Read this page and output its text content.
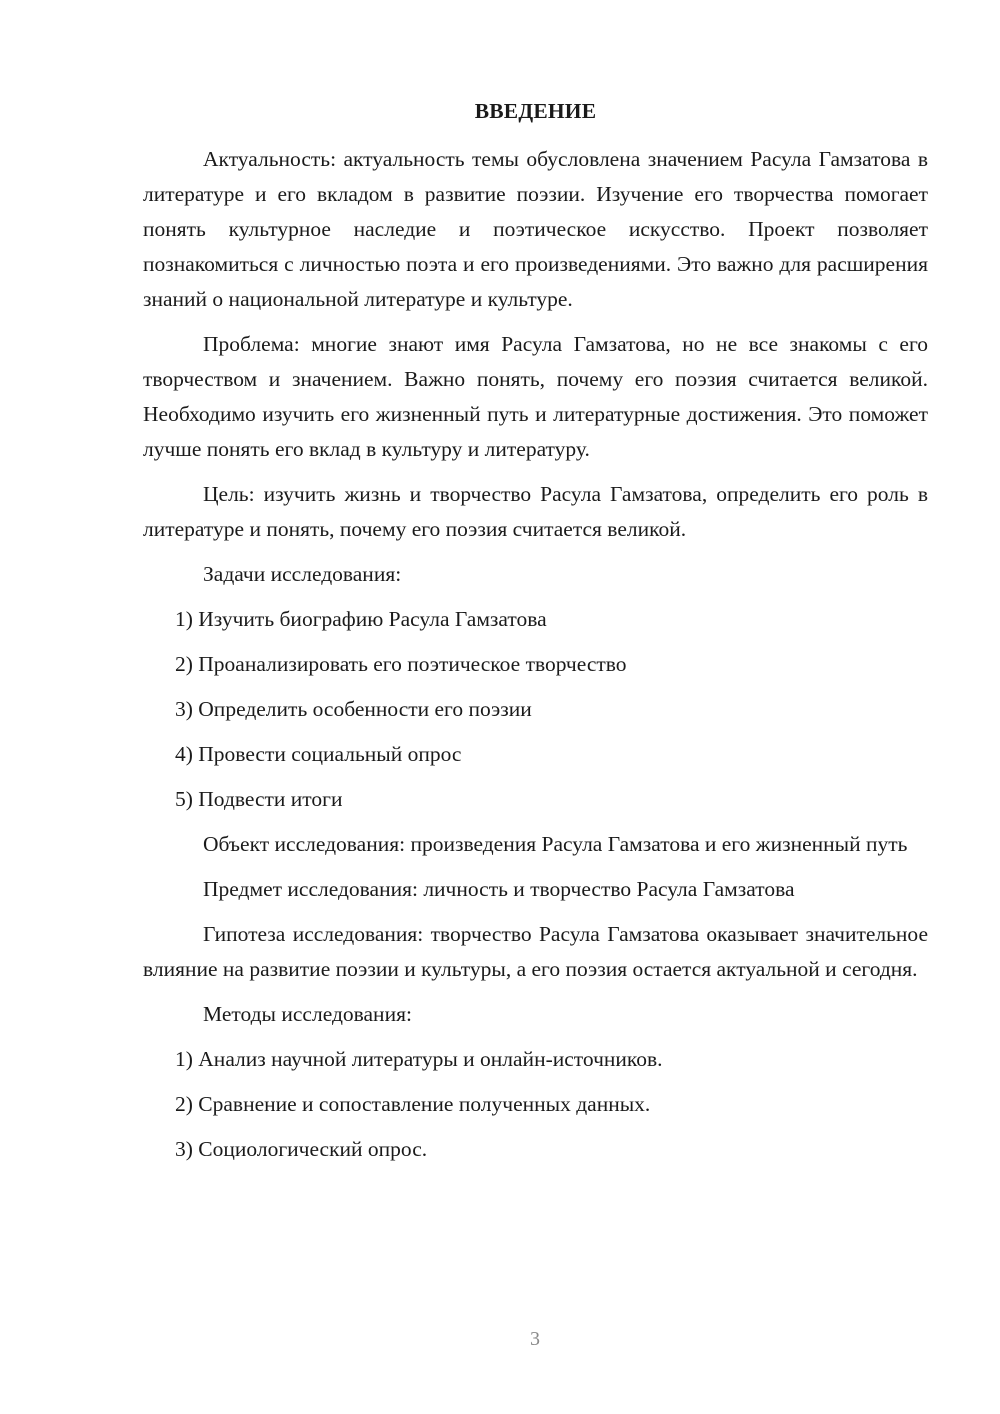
ВВЕДЕНИЕ

Актуальность: актуальность темы обусловлена значением Расула Гамзатова в литературе и его вкладом в развитие поэзии. Изучение его творчества помогает понять культурное наследие и поэтическое искусство. Проект позволяет познакомиться с личностью поэта и его произведениями. Это важно для расширения знаний о национальной литературе и культуре.

Проблема: многие знают имя Расула Гамзатова, но не все знакомы с его творчеством и значением. Важно понять, почему его поэзия считается великой. Необходимо изучить его жизненный путь и литературные достижения. Это поможет лучше понять его вклад в культуру и литературу.

Цель: изучить жизнь и творчество Расула Гамзатова, определить его роль в литературе и понять, почему его поэзия считается великой.

Задачи исследования:

1) Изучить биографию Расула Гамзатова
2) Проанализировать его поэтическое творчество
3) Определить особенности его поэзии
4) Провести социальный опрос
5) Подвести итоги

Объект исследования: произведения Расула Гамзатова и его жизненный путь

Предмет исследования: личность и творчество Расула Гамзатова

Гипотеза исследования: творчество Расула Гамзатова оказывает значительное влияние на развитие поэзии и культуры, а его поэзия остается актуальной и сегодня.

Методы исследования:

1) Анализ научной литературы и онлайн-источников.
2) Сравнение и сопоставление полученных данных.
3) Социологический опрос.
3
